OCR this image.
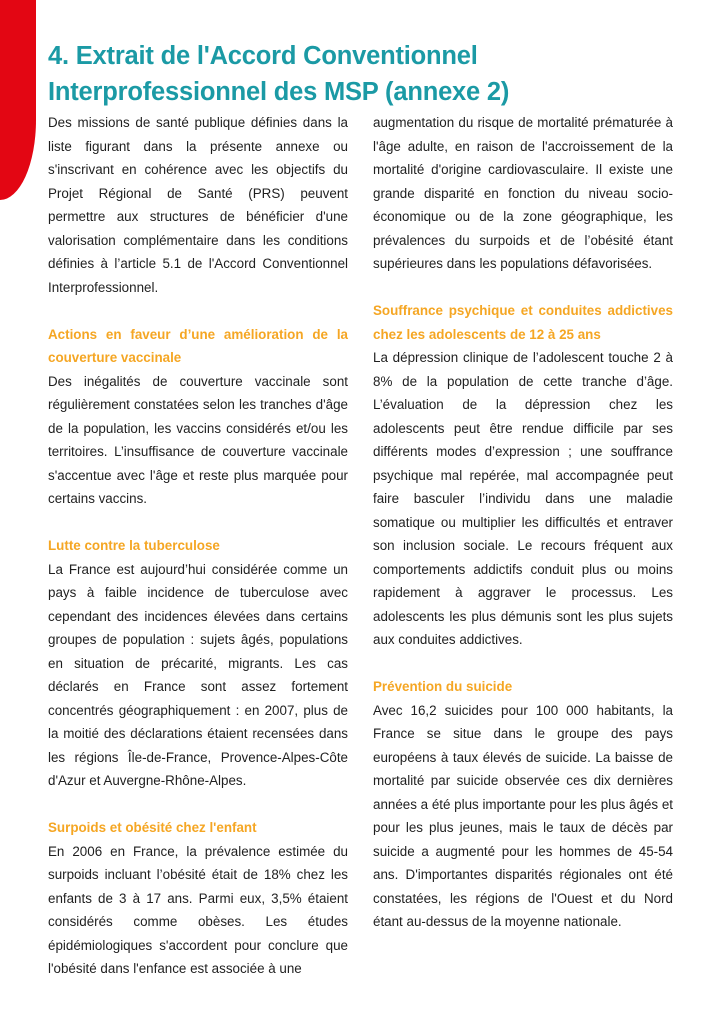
4. Extrait de l'Accord Conventionnel Interprofessionnel des MSP (annexe 2)
Des missions de santé publique définies dans la liste figurant dans la présente annexe ou s'inscrivant en cohérence avec les objectifs du Projet Régional de Santé (PRS) peuvent permettre aux structures de bénéficier d'une valorisation complémentaire dans les conditions définies à l’article 5.1 de l'Accord Conventionnel Interprofessionnel.
Actions en faveur d’une amélioration de la couverture vaccinale
Des inégalités de couverture vaccinale sont régulièrement constatées selon les tranches d'âge de la population, les vaccins considérés et/ou les territoires. L’insuffisance de couverture vaccinale s'accentue avec l'âge et reste plus marquée pour certains vaccins.
Lutte contre la tuberculose
La France est aujourd’hui considérée comme un pays à faible incidence de tuberculose avec cependant des incidences élevées dans certains groupes de population : sujets âgés, populations en situation de précarité, migrants. Les cas déclarés en France sont assez fortement concentrés géographiquement : en 2007, plus de la moitié des déclarations étaient recensées dans les régions Île-de-France, Provence-Alpes-Côte d'Azur et Auvergne-Rhône-Alpes.
Surpoids et obésité chez l'enfant
En 2006 en France, la prévalence estimée du surpoids incluant l’obésité était de 18% chez les enfants de 3 à 17 ans. Parmi eux, 3,5% étaient considérés comme obèses. Les études épidémiologiques s'accordent pour conclure que l'obésité dans l'enfance est associée à une
augmentation du risque de mortalité prématurée à l'âge adulte, en raison de l'accroissement de la mortalité d'origine cardiovasculaire. Il existe une grande disparité en fonction du niveau socio-économique ou de la zone géographique, les prévalences du surpoids et de l’obésité étant supérieures dans les populations défavorisées.
Souffrance psychique et conduites addictives chez les adolescents de 12 à 25 ans
La dépression clinique de l’adolescent touche 2 à 8% de la population de cette tranche d’âge. L’évaluation de la dépression chez les adolescents peut être rendue difficile par ses différents modes d’expression ; une souffrance psychique mal repérée, mal accompagnée peut faire basculer l’individu dans une maladie somatique ou multiplier les difficultés et entraver son inclusion sociale. Le recours fréquent aux comportements addictifs conduit plus ou moins rapidement à aggraver le processus. Les adolescents les plus démunis sont les plus sujets aux conduites addictives.
Prévention du suicide
Avec 16,2 suicides pour 100 000 habitants, la France se situe dans le groupe des pays européens à taux élevés de suicide. La baisse de mortalité par suicide observée ces dix dernières années a été plus importante pour les plus âgés et pour les plus jeunes, mais le taux de décès par suicide a augmenté pour les hommes de 45-54 ans. D'importantes disparités régionales ont été constatées, les régions de l'Ouest et du Nord étant au-dessus de la moyenne nationale.
